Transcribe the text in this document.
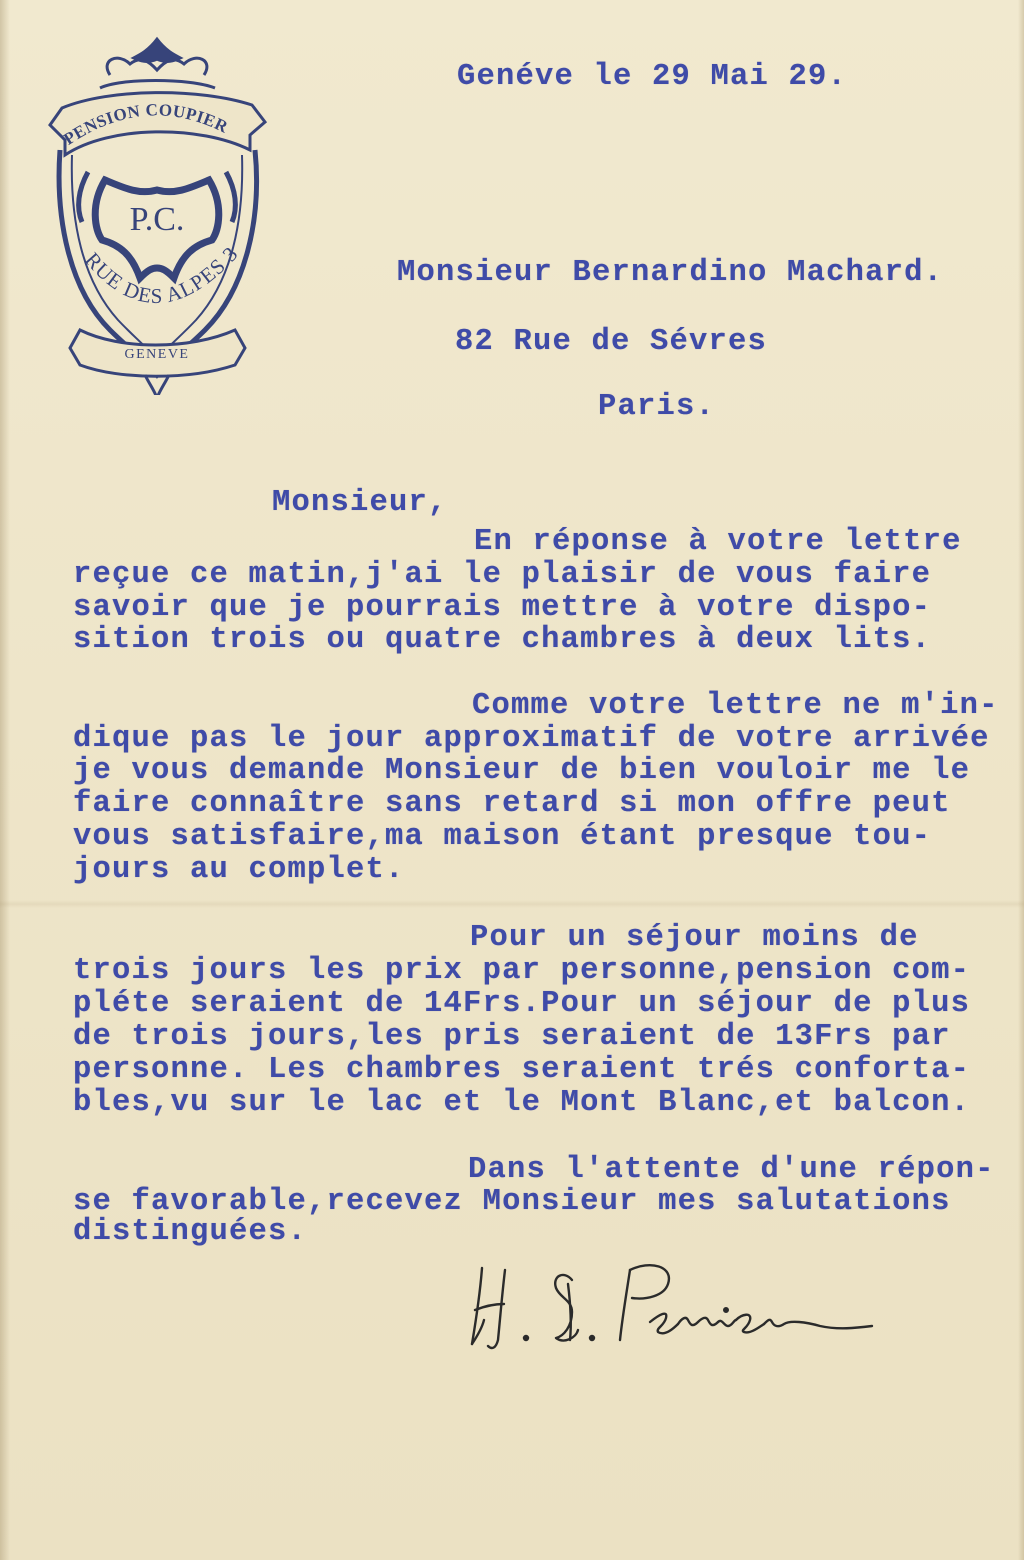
PENSION COUPIER
P.C.
RUE DES ALPES 3
GENEVE
Genéve le 29 Mai 29.
Monsieur Bernardino Machard.
82 Rue de Sévres
Paris.
Monsieur,
En réponse à votre lettre
reçue ce matin,j'ai le plaisir de vous faire
savoir que je pourrais mettre à votre dispo-
sition trois ou quatre chambres à deux lits.
Comme votre lettre ne m'in-
dique pas le jour approximatif de votre arrivée
je vous demande Monsieur de bien vouloir me le
faire connaître sans retard si mon offre peut
vous satisfaire,ma maison étant presque tou-
jours au complet.
Pour un séjour moins de
trois jours les prix par personne,pension com-
pléte seraient de 14Frs.Pour un séjour de plus
de trois jours,les pris seraient de 13Frs par
personne. Les chambres seraient trés conforta-
bles,vu sur le lac et le Mont Blanc,et balcon.
Dans l'attente d'une répon-
se favorable,recevez Monsieur mes salutations
distinguées.
